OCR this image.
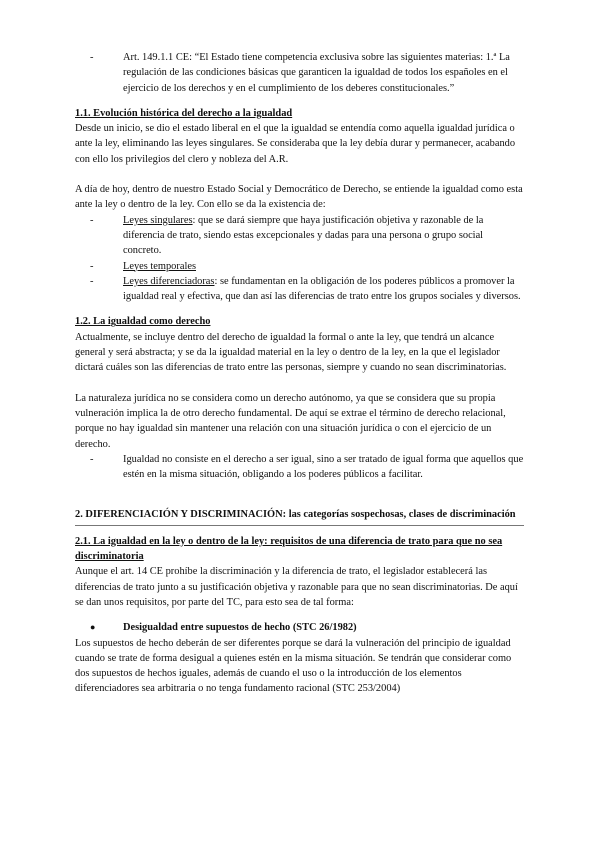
-	Art. 149.1.1 CE: “El Estado tiene competencia exclusiva sobre las siguientes materias: 1.ª La regulación de las condiciones básicas que garanticen la igualdad de todos los españoles en el ejercicio de los derechos y en el cumplimiento de los deberes constitucionales.”

1.1. Evolución histórica del derecho a la igualdad

Desde un inicio, se dio el estado liberal en el que la igualdad se entendía como aquella igualdad jurídica o ante la ley, eliminando las leyes singulares. Se consideraba que la ley debía durar y permanecer, acabando con ello los privilegios del clero y nobleza del A.R.

A día de hoy, dentro de nuestro Estado Social y Democrático de Derecho, se entiende la igualdad como esta ante la ley o dentro de la ley. Con ello se da la existencia de:

-	Leyes singulares: que se dará siempre que haya justificación objetiva y razonable de la diferencia de trato, siendo estas excepcionales y dadas para una persona o grupo social concreto.

-	Leyes temporales

-	Leyes diferenciadoras: se fundamentan en la obligación de los poderes públicos a promover la igualdad real y efectiva, que dan así las diferencias de trato entre los grupos sociales y diversos.

1.2. La igualdad como derecho

Actualmente, se incluye dentro del derecho de igualdad la formal o ante la ley, que tendrá un alcance general y será abstracta; y se da la igualdad material en la ley o dentro de la ley, en la que el legislador dictará cuáles son las diferencias de trato entre las personas, siempre y cuando no sean discriminatorias.

La naturaleza jurídica no se considera como un derecho autónomo, ya que se considera que su propia vulneración implica la de otro derecho fundamental. De aquí se extrae el término de derecho relacional, porque no hay igualdad sin mantener una relación con una situación jurídica o con el ejercicio de un derecho.

-	Igualdad no consiste en el derecho a ser igual, sino a ser tratado de igual forma que aquellos que estén en la misma situación, obligando a los poderes públicos a facilitar.

2. DIFERENCIACIÓN Y DISCRIMINACIÓN: las categorías sospechosas, clases de discriminación

2.1. La igualdad en la ley o dentro de la ley: requisitos de una diferencia de trato para que no sea discriminatoria

Aunque el art. 14 CE prohíbe la discriminación y la diferencia de trato, el legislador establecerá las diferencias de trato junto a su justificación objetiva y razonable para que no sean discriminatorias. De aquí se dan unos requisitos, por parte del TC, para esto sea de tal forma:

●	Desigualdad entre supuestos de hecho (STC 26/1982)

Los supuestos de hecho deberán de ser diferentes porque se dará la vulneración del principio de igualdad cuando se trate de forma desigual a quienes estén en la misma situación. Se tendrán que considerar como dos supuestos de hechos iguales, además de cuando el uso o la introducción de los elementos diferenciadores sea arbitraria o no tenga fundamento racional (STC 253/2004)
